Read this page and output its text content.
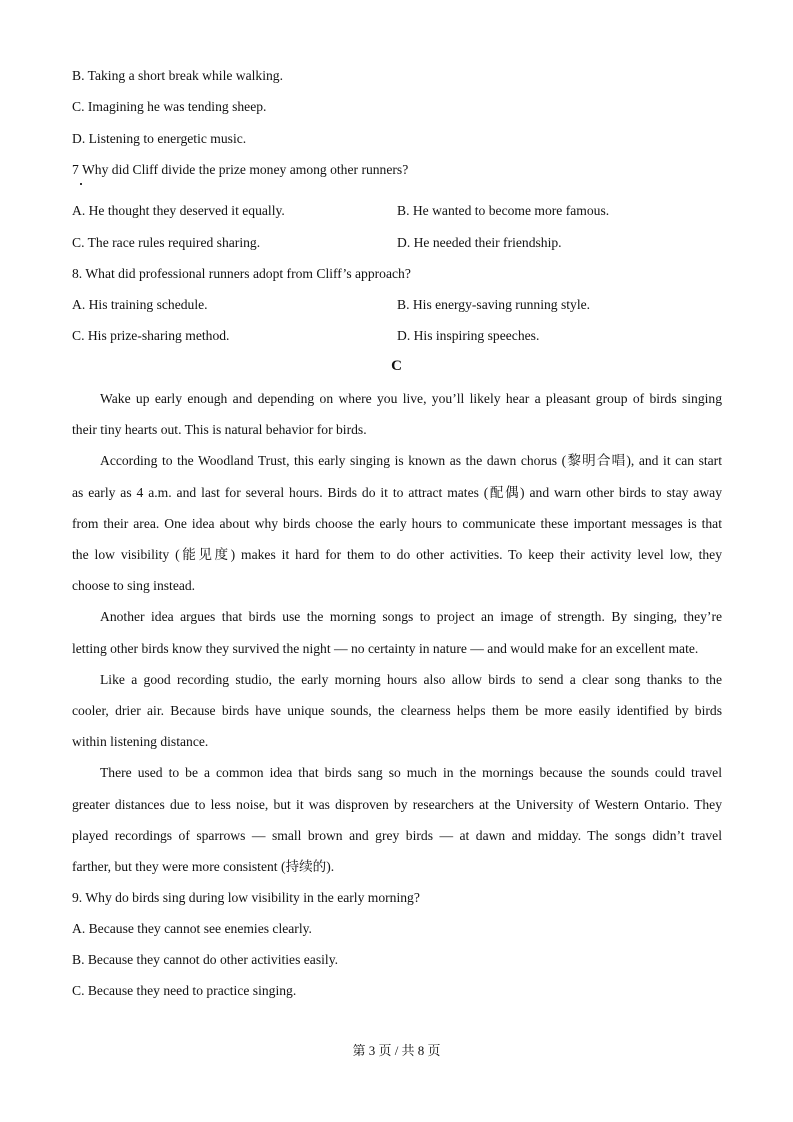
C
第 3 页 / 共 8 页
B. Taking a short break while walking.
C. Imagining he was tending sheep.
D. Listening to energetic music.
7 Why did Cliff divide the prize money among other runners?
A. He thought they deserved it equally.	B. He wanted to become more famous.
C. The race rules required sharing.	D. He needed their friendship.
8. What did professional runners adopt from Cliff’s approach?
A. His training schedule.	B. His energy-saving running style.
C. His prize-sharing method.	D. His inspiring speeches.
Wake up early enough and depending on where you live, you’ll likely hear a pleasant group of birds singing
their tiny hearts out. This is natural behavior for birds.
According to the Woodland Trust, this early singing is known as the dawn chorus (黎明合唱), and it can start
as early as 4 a.m. and last for several hours. Birds do it to attract mates (配偶) and warn other birds to stay away
from their area. One idea about why birds choose the early hours to communicate these important messages is that
the low visibility (能见度) makes it hard for them to do other activities. To keep their activity level low, they
choose to sing instead.
Another idea argues that birds use the morning songs to project an image of strength. By singing, they’re
letting other birds know they survived the night — no certainty in nature — and would make for an excellent mate.
Like a good recording studio, the early morning hours also allow birds to send a clear song thanks to the
cooler, drier air. Because birds have unique sounds, the clearness helps them be more easily identified by birds
within listening distance.
There used to be a common idea that birds sang so much in the mornings because the sounds could travel
greater distances due to less noise, but it was disproven by researchers at the University of Western Ontario. They
played recordings of sparrows — small brown and grey birds — at dawn and midday. The songs didn’t travel
farther, but they were more consistent (持续的).
9. Why do birds sing during low visibility in the early morning?
A. Because they cannot see enemies clearly.
B. Because they cannot do other activities easily.
C. Because they need to practice singing.
